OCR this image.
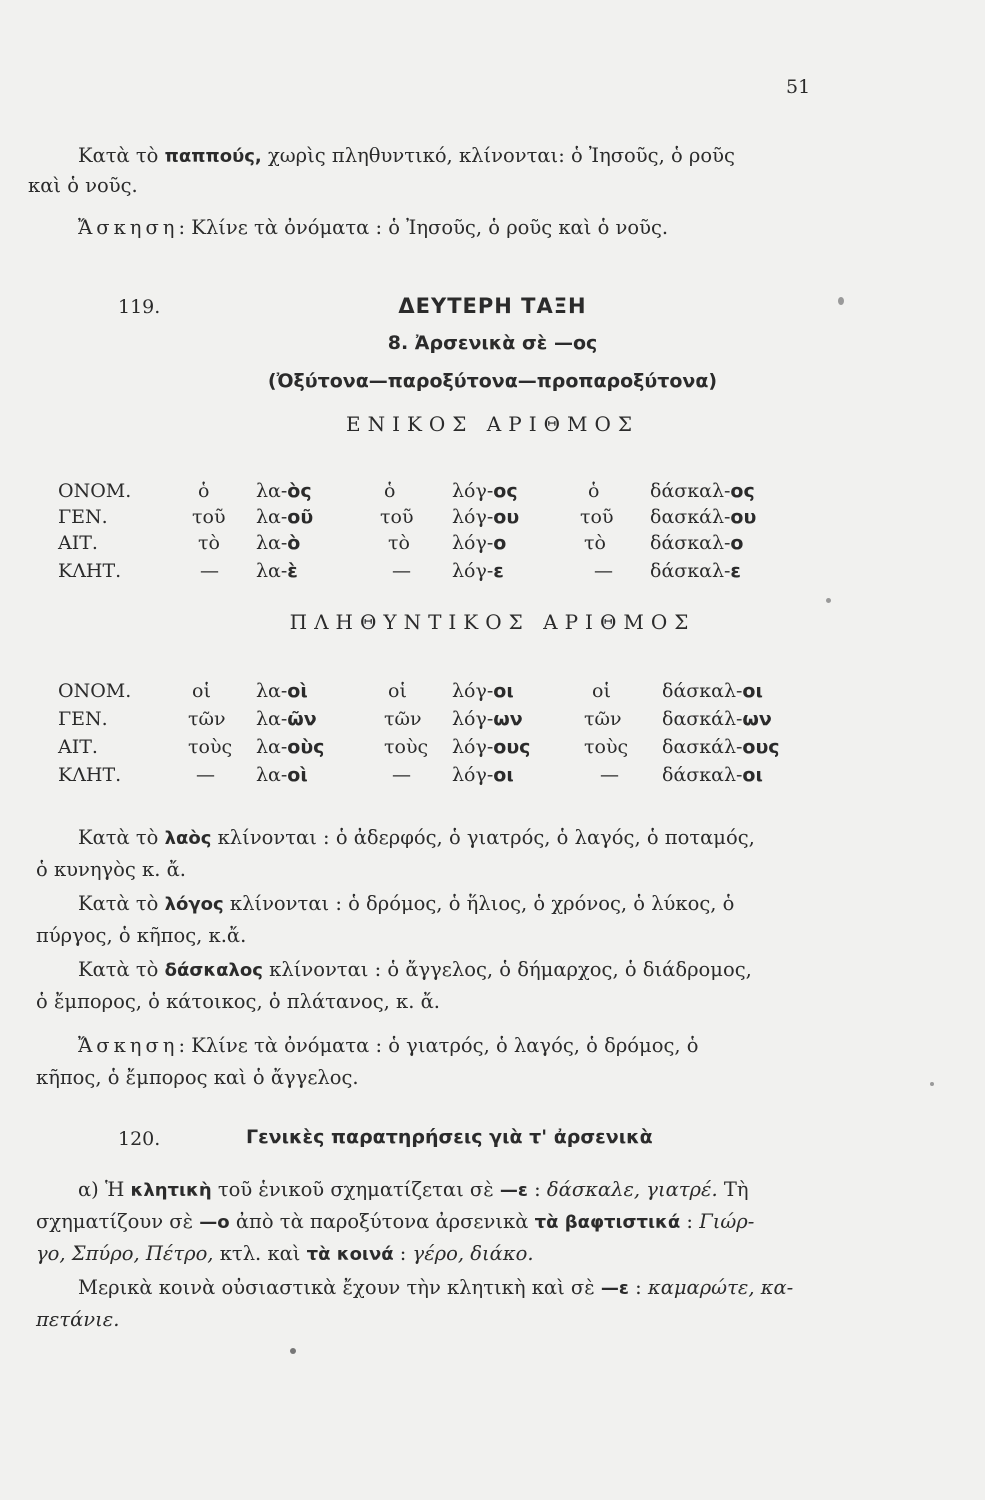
51
Κατὰ τὸ παππούς, χωρὶς πληθυντικό, κλίνονται: ὁ Ἰησοῦς, ὁ ροῦς
καὶ ὁ νοῦς.
Ἄσκηση: Κλίνε τὰ ὀνόματα : ὁ Ἰησοῦς, ὁ ροῦς καὶ ὁ νοῦς.
119.	ΔΕΥΤΕΡΗ ΤΑΞΗ
8. Ἀρσενικὰ σὲ —ος
(Ὀξύτονα—παροξύτονα—προπαροξύτονα)
ΕΝΙΚΟΣ ΑΡΙΘΜΟΣ
ΟΝΟΜ.	ὁ λα-ὸς	ὁ	λόγ-ος	ὁ	δάσκαλ-ος
ΓΕΝ.	τοῦ λα-οῦ	τοῦ λόγ-ου	τοῦ δασκάλ-ου
ΑΙΤ.	τὸ λα-ὸ	τὸ λόγ-ο	τὸ δάσκαλ-ο
ΚΛΗΤ.	— λα-ὲ	— λόγ-ε	— δάσκαλ-ε
ΠΛΗΘΥΝΤΙΚΟΣ ΑΡΙΘΜΟΣ
ΟΝΟΜ.	οἱ λα-οὶ	οἱ λόγ-οι	οἱ	δάσκαλ-οι
ΓΕΝ.	τῶν λα-ῶν	τῶν λόγ-ων	τῶν δασκάλ-ων
ΑΙΤ.	τοὺς λα-οὺς	τοὺς λόγ-ους	τοὺς δασκάλ-ους
ΚΛΗΤ.	— λα-οὶ	— λόγ-οι	— δάσκαλ-οι
Κατὰ τὸ λαὸς κλίνονται : ὁ ἀδερφός, ὁ γιατρός, ὁ λαγός, ὁ ποταμός,
ὁ κυνηγὸς κ. ἄ.
Κατὰ τὸ λόγος κλίνονται : ὁ δρόμος, ὁ ἥλιος, ὁ χρόνος, ὁ λύκος, ὁ
πύργος, ὁ κῆπος, κ.ἄ.
Κατὰ τὸ δάσκαλος κλίνονται : ὁ ἄγγελος, ὁ δήμαρχος, ὁ διάδρομος,
ὁ ἔμπορος, ὁ κάτοικος, ὁ πλάτανος, κ. ἄ.
Ἄσκηση: Κλίνε τὰ ὀνόματα : ὁ γιατρός, ὁ λαγός, ὁ δρόμος, ὁ
κῆπος, ὁ ἔμπορος καὶ ὁ ἄγγελος.
120.	Γενικὲς παρατηρήσεις γιὰ τ' ἀρσενικὰ
α) Ἡ κλητικὴ τοῦ ἑνικοῦ σχηματίζεται σὲ —ε : δάσκαλε, γιατρέ. Τὴ
σχηματίζουν σὲ —ο ἀπὸ τὰ παροξύτονα ἀρσενικὰ τὰ βαφτιστικά : Γιώρ-
γο, Σπύρο, Πέτρο, κτλ. καὶ τὰ κοινά : γέρο, διάκο.
Μερικὰ κοινὰ οὐσιαστικὰ ἔχουν τὴν κλητικὴ καὶ σὲ —ε : καμαρώτε, κα-
πετάνιε.
